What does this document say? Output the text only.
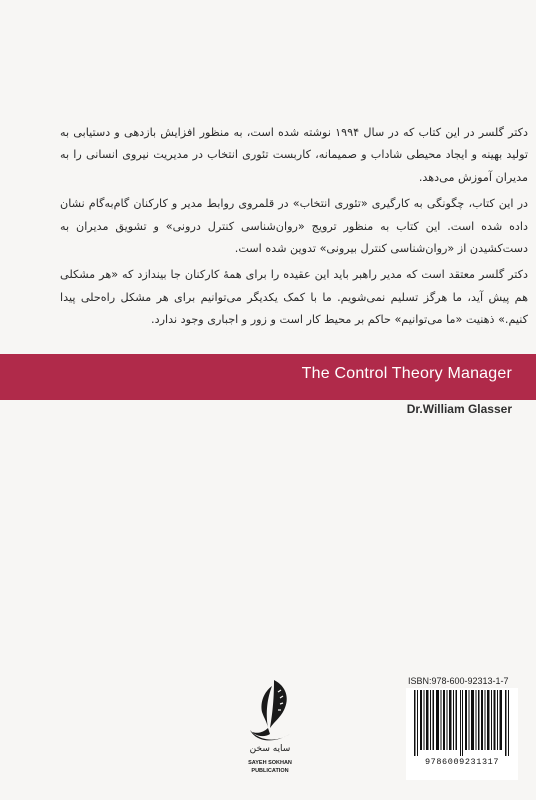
دکتر گلسر در این کتاب که در سال ۱۹۹۴ نوشته شده است، به منظور افزایش بازدهی و دستیابی به تولید بهینه و ایجاد محیطی شاداب و صمیمانه، کاربست تئوری انتخاب در مدیریت نیروی انسانی را به مدیران آموزش می‌دهد.

در این کتاب، چگونگی به کارگیری «تئوری انتخاب» در قلمروی روابط مدیر و کارکنان گام‌به‌گام نشان داده شده است. این کتاب به منظور ترویج «روان‌شناسی کنترل درونی» و تشویق مدیران به دست‌کشیدن از «روان‌شناسی کنترل بیرونی» تدوین شده است.

دکتر گلسر معتقد است که مدیر راهبر باید این عقیده را برای همهٔ کارکنان جا بیندازد که «هر مشکلی هم پیش آید، ما هرگز تسلیم نمی‌شویم. ما با کمک یکدیگر می‌توانیم برای هر مشکل راه‌حلی پیدا کنیم.» ذهنیت «ما می‌توانیم» حاکم بر محیط کار است و زور و اجباری وجود ندارد.

The Control Theory Manager
Dr.William Glasser
سایه سخن
SAYEH SOKHAN
PUBLICATION
ISBN:978-600-92313-1-7
9786009231317
